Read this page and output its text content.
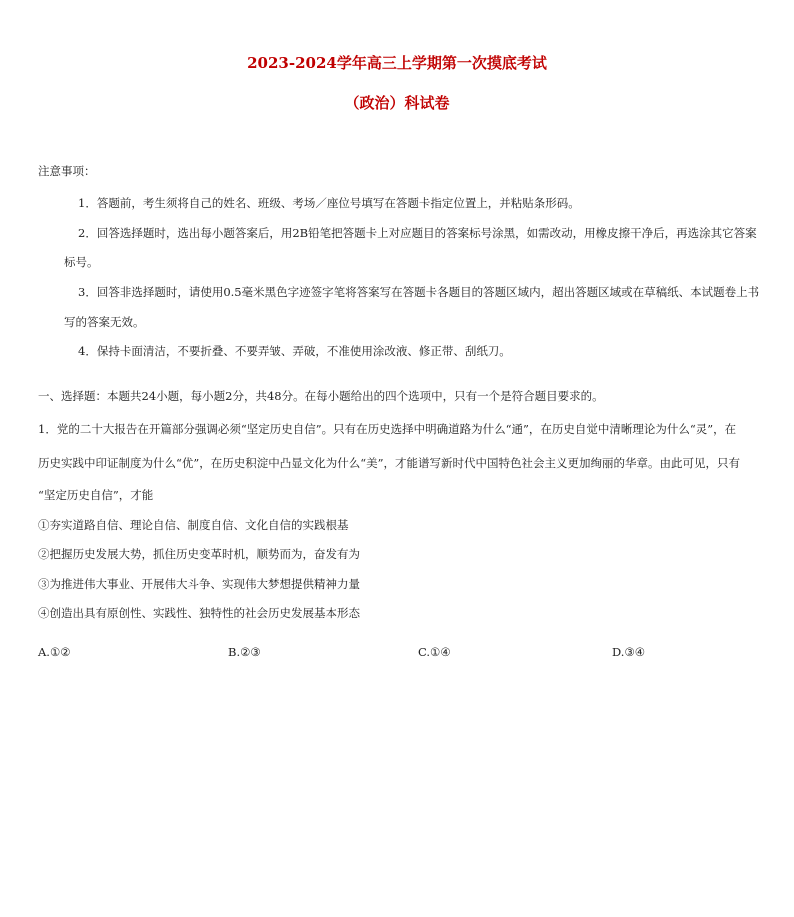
2023-2024学年高三上学期第一次摸底考试
（政治）科试卷
注意事项：
1．答题前，考生须将自己的姓名、班级、考场／座位号填写在答题卡指定位置上，并粘贴条形码。
2．回答选择题时，选出每小题答案后，用2B铅笔把答题卡上对应题目的答案标号涂黑，如需改动，用橡皮擦干净后，再选涂其它答案
标号。
3．回答非选择题时，请使用0.5毫米黑色字迹签字笔将答案写在答题卡各题目的答题区域内，超出答题区域或在草稿纸、本试题卷上书
写的答案无效。
4．保持卡面清洁，不要折叠、不要弄皱、弄破，不准使用涂改液、修正带、刮纸刀。
一、选择题：本题共24小题，每小题2分，共48分。在每小题给出的四个选项中，只有一个是符合题目要求的。
1．党的二十大报告在开篇部分强调必须“坚定历史自信”。只有在历史选择中明确道路为什么“通”，在历史自觉中清晰理论为什么“灵”，在
历史实践中印证制度为什么“优”，在历史积淀中凸显文化为什么“美”，才能谱写新时代中国特色社会主义更加绚丽的华章。由此可见，只有
“坚定历史自信”，才能
①夯实道路自信、理论自信、制度自信、文化自信的实践根基
②把握历史发展大势，抓住历史变革时机，顺势而为，奋发有为
③为推进伟大事业、开展伟大斗争、实现伟大梦想提供精神力量
④创造出具有原创性、实践性、独特性的社会历史发展基本形态
A.①②	B.②③	C.①④	D.③④
